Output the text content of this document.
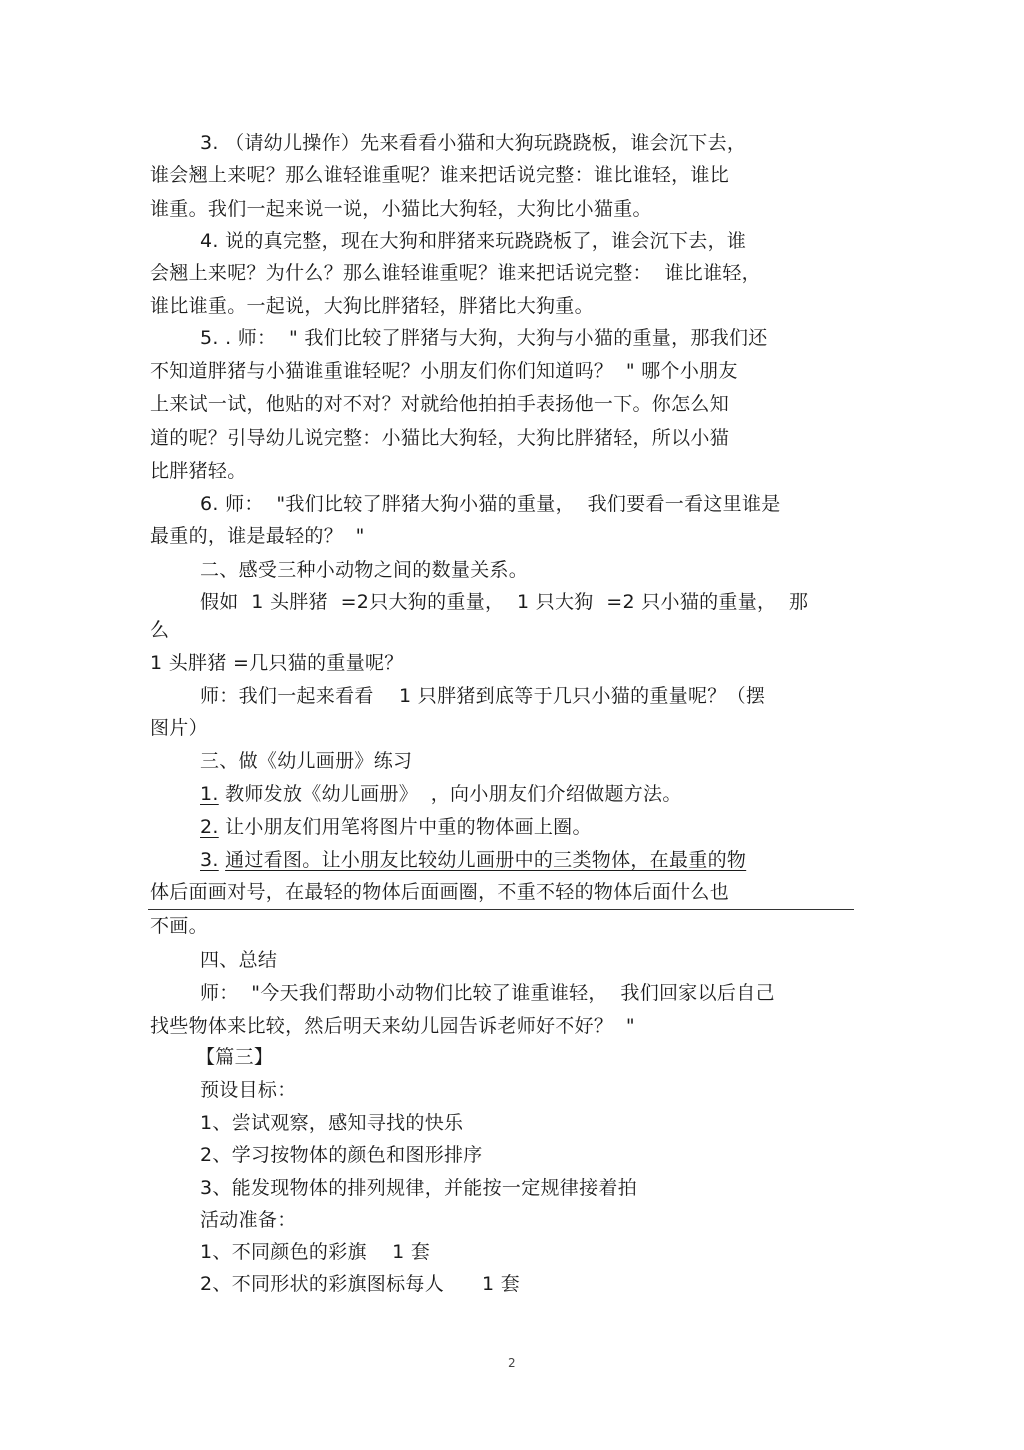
3. （请幼儿操作）先来看看小猫和大狗玩跷跷板，谁会沉下去，

谁会翘上来呢？那么谁轻谁重呢？谁来把话说完整：谁比谁轻，谁比

谁重。我们一起来说一说，小猫比大狗轻，大狗比小猫重。

4. 说的真完整，现在大狗和胖猪来玩跷跷板了，谁会沉下去，谁

会翘上来呢？为什么？那么谁轻谁重呢？谁来把话说完整：  谁比谁轻，

谁比谁重。一起说，大狗比胖猪轻，胖猪比大狗重。

5. . 师：  " 我们比较了胖猪与大狗，大狗与小猫的重量，那我们还

不知道胖猪与小猫谁重谁轻呢？小朋友们你们知道吗？  " 哪个小朋友

上来试一试，他贴的对不对？对就给他拍拍手表扬他一下。你怎么知

道的呢？引导幼儿说完整：小猫比大狗轻，大狗比胖猪轻，所以小猫

比胖猪轻。

6. 师：  "我们比较了胖猪大狗小猫的重量，  我们要看一看这里谁是

最重的，谁是最轻的？  "

二、感受三种小动物之间的数量关系。

假如  1 头胖猪  =2只大狗的重量，  1 只大狗  =2 只小猫的重量，  那

么

1 头胖猪 =几只猫的重量呢？

师：我们一起来看看    1 只胖猪到底等于几只小猫的重量呢？（摆

图片）

三、做《幼儿画册》练习

1. 教师发放《幼儿画册》  ，向小朋友们介绍做题方法。

2. 让小朋友们用笔将图片中重的物体画上圈。

3. 通过看图。让小朋友比较幼儿画册中的三类物体，在最重的物

体后面画对号，在最轻的物体后面画圈，不重不轻的物体后面什么也

不画。

四、总结

师：  "今天我们帮助小动物们比较了谁重谁轻，  我们回家以后自己

找些物体来比较，然后明天来幼儿园告诉老师好不好？  "

【篇三】

预设目标：

1、尝试观察，感知寻找的快乐

2、学习按物体的颜色和图形排序

3、能发现物体的排列规律，并能按一定规律接着拍

活动准备：

1、不同颜色的彩旗    1 套

2、不同形状的彩旗图标每人      1 套

2
